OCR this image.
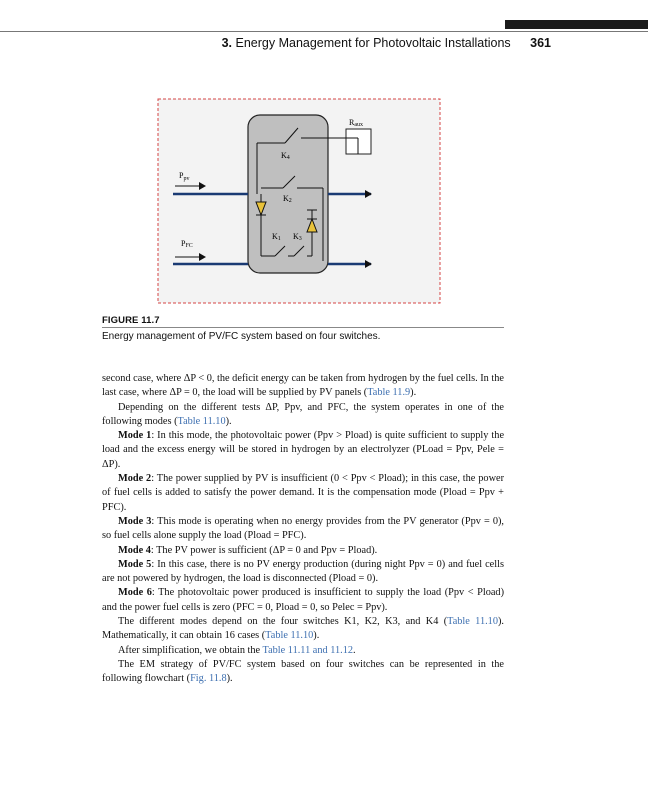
3. Energy Management for Photovoltaic Installations 361
Raux
$P_{pv}$
PFC
K4
K2
K1 K3
FIGURE 11.7
Energy management of PV/FC system based on four switches.

second case, where ΔP < 0, the deficit energy can be taken from hydrogen by the fuel cells. In the last case, where ΔP = 0, the load will be supplied by PV panels (Table 11.9).

Depending on the different tests ΔP, Ppv, and PFC, the system operates in one of the following modes (Table 11.10).

Mode 1: In this mode, the photovoltaic power (Ppv > Pload) is quite sufficient to supply the load and the excess energy will be stored in hydrogen by an electrolyzer (PLoad = Ppv, Pele = ΔP).

Mode 2: The power supplied by PV is insufficient (0 < Ppv < Pload); in this case, the power of fuel cells is added to satisfy the power demand. It is the compensation mode (Pload = Ppv + PFC).

Mode 3: This mode is operating when no energy provides from the PV generator (Ppv = 0), so fuel cells alone supply the load (Pload = PFC).

Mode 4: The PV power is sufficient (ΔP = 0 and Ppv = Pload).

Mode 5: In this case, there is no PV energy production (during night Ppv = 0) and fuel cells are not powered by hydrogen, the load is disconnected (Pload = 0).

Mode 6: The photovoltaic power produced is insufficient to supply the load (Ppv < Pload) and the power fuel cells is zero (PFC = 0, Pload = 0, so Pelec = Ppv).

The different modes depend on the four switches K1, K2, K3, and K4 (Table 11.10). Mathematically, it can obtain 16 cases (Table 11.10).

After simplification, we obtain the Table 11.11 and 11.12.

The EM strategy of PV/FC system based on four switches can be represented in the following flowchart (Fig. 11.8).
